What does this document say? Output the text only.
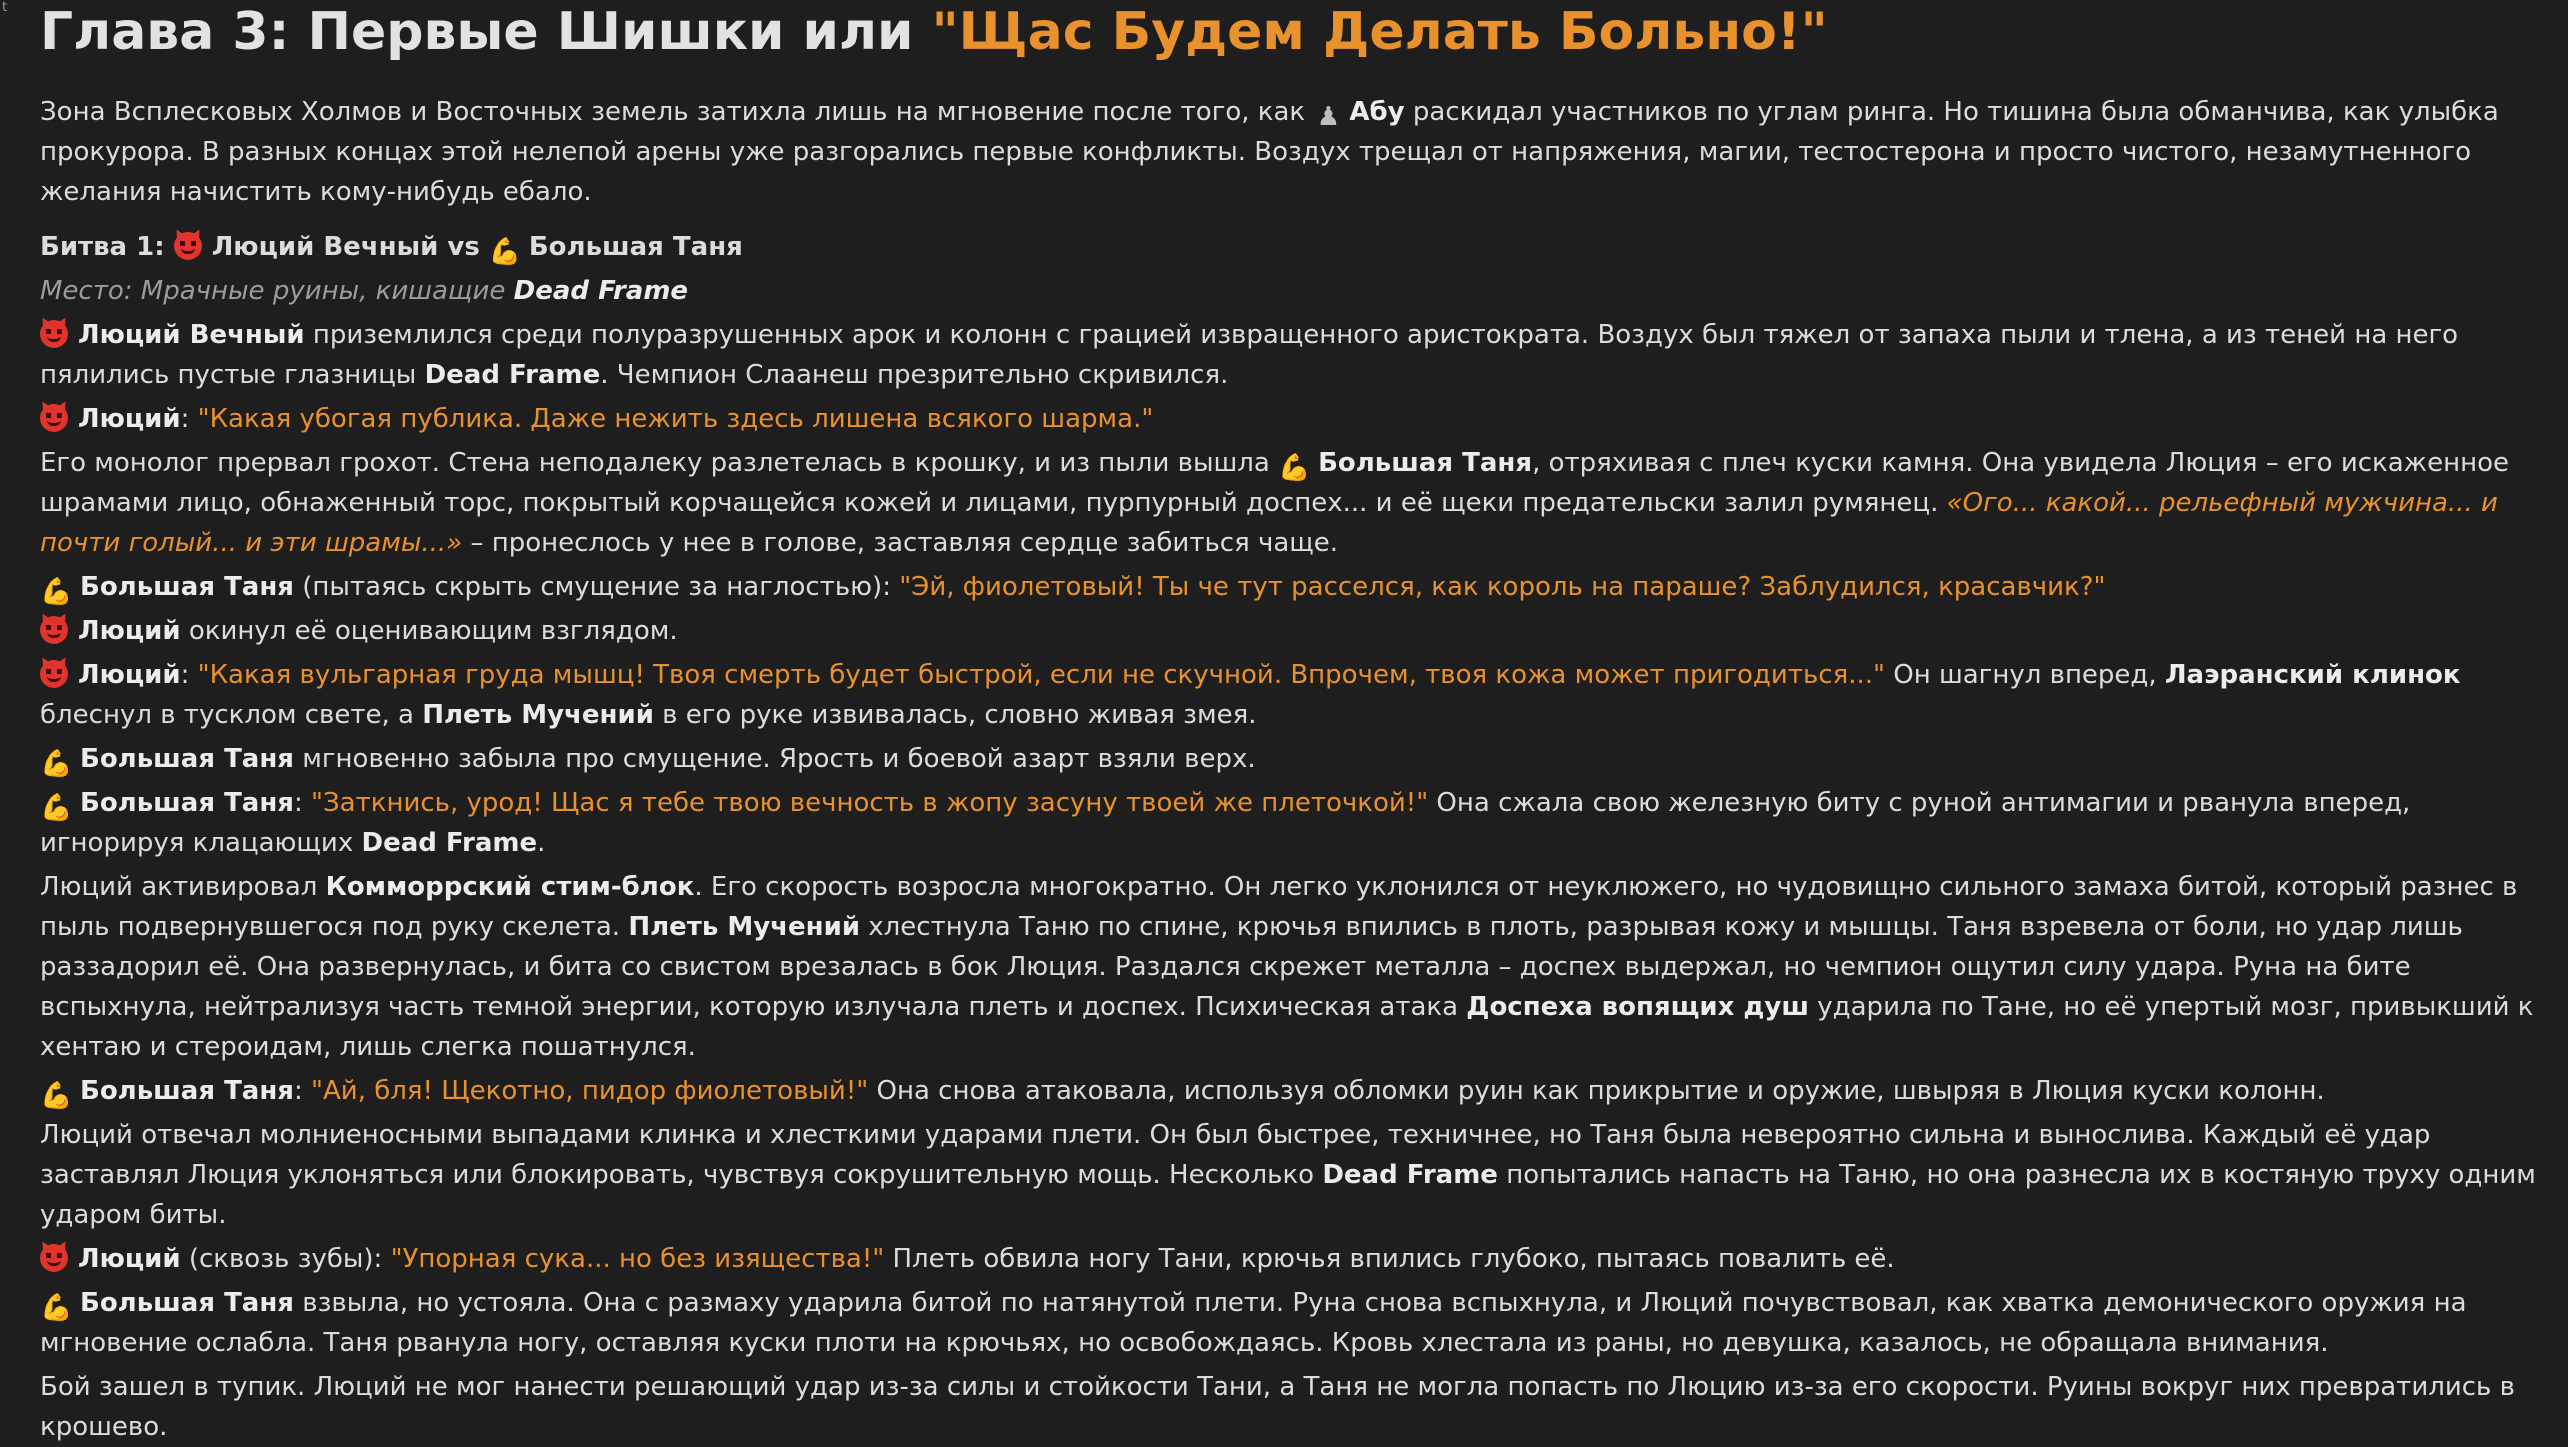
t Глава 3: Первые Шишки или "Щас Будем Делать Больно!"

Зона Всплесковых Холмов и Восточных земель затихла лишь на мгновение после того, как ♟ Абу раскидал участников по углам ринга. Но тишина была обманчива, как улыбка прокурора. В разных концах этой нелепой арены уже разгорались первые конфликты. Воздух трещал от напряжения, магии, тестостерона и просто чистого, незамутненного желания начистить кому-нибудь ебало.

Битва 1:
Люций Вечный vs 💪 Большая Таня

Место: Мрачные руины, кишащие Dead Frame

Люций Вечный приземлился среди полуразрушенных арок и колонн с грацией извращенного аристократа. Воздух был тяжел от запаха пыли и тлена, а из теней на него пялились пустые глазницы Dead Frame. Чемпион Слаанеш презрительно скривился.

Люций: "Какая убогая публика. Даже нежить здесь лишена всякого шарма."

Его монолог прервал грохот. Стена неподалеку разлетелась в крошку, и из пыли вышла 💪 Большая Таня, отряхивая с плеч куски камня. Она увидела Люция – его искаженное шрамами лицо, обнаженный торс, покрытый корчащейся кожей и лицами, пурпурный доспех... и её щеки предательски залил румянец. «Ого... какой... рельефный мужчина... и почти голый... и эти шрамы...» – пронеслось у нее в голове, заставляя сердце забиться чаще.

💪 Большая Таня (пытаясь скрыть смущение за наглостью): "Эй, фиолетовый! Ты че тут расселся, как король на параше? Заблудился, красавчик?"

Люций окинул её оценивающим взглядом.

Люций: "Какая вульгарная груда мышц! Твоя смерть будет быстрой, если не скучной. Впрочем, твоя кожа может пригодиться..." Он шагнул вперед, Лаэранский клинок блеснул в тусклом свете, а Плеть Мучений в его руке извивалась, словно живая змея.

💪 Большая Таня мгновенно забыла про смущение. Ярость и боевой азарт взяли верх.

💪 Большая Таня: "Заткнись, урод! Щас я тебе твою вечность в жопу засуну твоей же плеточкой!" Она сжала свою железную биту с руной антимагии и рванула вперед, игнорируя клацающих Dead Frame.

Люций активировал Комморрский стим-блок. Его скорость возросла многократно. Он легко уклонился от неуклюжего, но чудовищно сильного замаха битой, который разнес в пыль подвернувшегося под руку скелета. Плеть Мучений хлестнула Таню по спине, крючья впились в плоть, разрывая кожу и мышцы. Таня взревела от боли, но удар лишь раззадорил её. Она развернулась, и бита со свистом врезалась в бок Люция. Раздался скрежет металла – доспех выдержал, но чемпион ощутил силу удара. Руна на бите вспыхнула, нейтрализуя часть темной энергии, которую излучала плеть и доспех. Психическая атака Доспеха вопящих душ ударила по Тане, но её упертый мозг, привыкший к хентаю и стероидам, лишь слегка пошатнулся.

💪 Большая Таня: "Ай, бля! Щекотно, пидор фиолетовый!" Она снова атаковала, используя обломки руин как прикрытие и оружие, швыряя в Люция куски колонн.

Люций отвечал молниеносными выпадами клинка и хлесткими ударами плети. Он был быстрее, техничнее, но Таня была невероятно сильна и вынослива. Каждый её удар заставлял Люция уклоняться или блокировать, чувствуя сокрушительную мощь. Несколько Dead Frame попытались напасть на Таню, но она разнесла их в костяную труху одним ударом биты.

Люций (сквозь зубы): "Упорная сука... но без изящества!" Плеть обвила ногу Тани, крючья впились глубоко, пытаясь повалить её.

💪 Большая Таня взвыла, но устояла. Она с размаху ударила битой по натянутой плети. Руна снова вспыхнула, и Люций почувствовал, как хватка демонического оружия на мгновение ослабла. Таня рванула ногу, оставляя куски плоти на крючьях, но освобождаясь. Кровь хлестала из раны, но девушка, казалось, не обращала внимания.

Бой зашел в тупик. Люций не мог нанести решающий удар из-за силы и стойкости Тани, а Таня не могла попасть по Люцию из-за его скорости. Руины вокруг них превратились в крошево.
